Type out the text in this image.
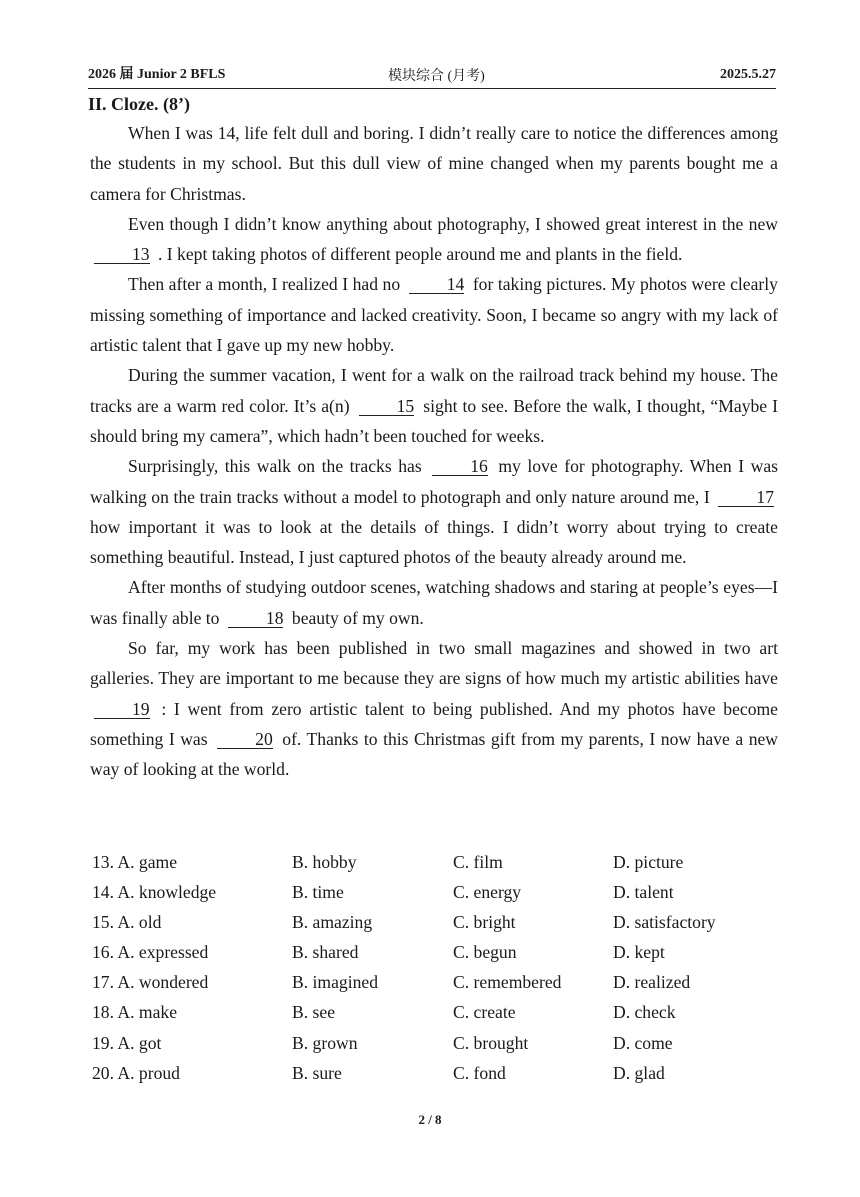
2026 届 Junior 2 BFLS	模块综合 (月考)	2025.5.27
II. Cloze. (8’)

When I was 14, life felt dull and boring. I didn’t really care to notice the differences among the students in my school. But this dull view of mine changed when my parents bought me a camera for Christmas.

Even though I didn’t know anything about photography, I showed great interest in the new 13 . I kept taking photos of different people around me and plants in the field.

Then after a month, I realized I had no	14 for taking pictures. My photos were clearly missing something of importance and lacked creativity. Soon, I became so angry with my lack of artistic talent that I gave up my new hobby.

During the summer vacation, I went for a walk on the railroad track behind my house. The tracks are a warm red color. It’s a(n)	15 sight to see. Before the walk, I thought, “Maybe I should bring my camera”, which hadn’t been touched for weeks.

Surprisingly, this walk on the tracks has	16 my love for photography. When I was walking on the train tracks without a model to photograph and only nature around me, I	17 how important it was to look at the details of things. I didn’t worry about trying to create something beautiful. Instead, I just captured photos of the beauty already around me.

After months of studying outdoor scenes, watching shadows and staring at people’s eyes—I was finally able to	18 beauty of my own.

So far, my work has been published in two small magazines and showed in two art galleries. They are important to me because they are signs of how much my artistic abilities have 19 : I went from zero artistic talent to being published. And my photos have become something I was	20 of. Thanks to this Christmas gift from my parents, I now have a new way of looking at the world.

13. A. game	B. hobby	C. film	D. picture
14. A. knowledge	B. time	C. energy	D. talent
15. A. old	B. amazing	C. bright	D. satisfactory
16. A. expressed	B. shared	C. begun	D. kept
17. A. wondered	B. imagined	C. remembered	D. realized
18. A. make	B. see	C. create	D. check
19. A. got	B. grown	C. brought	D. come
20. A. proud	B. sure	C. fond	D. glad
2 / 8
